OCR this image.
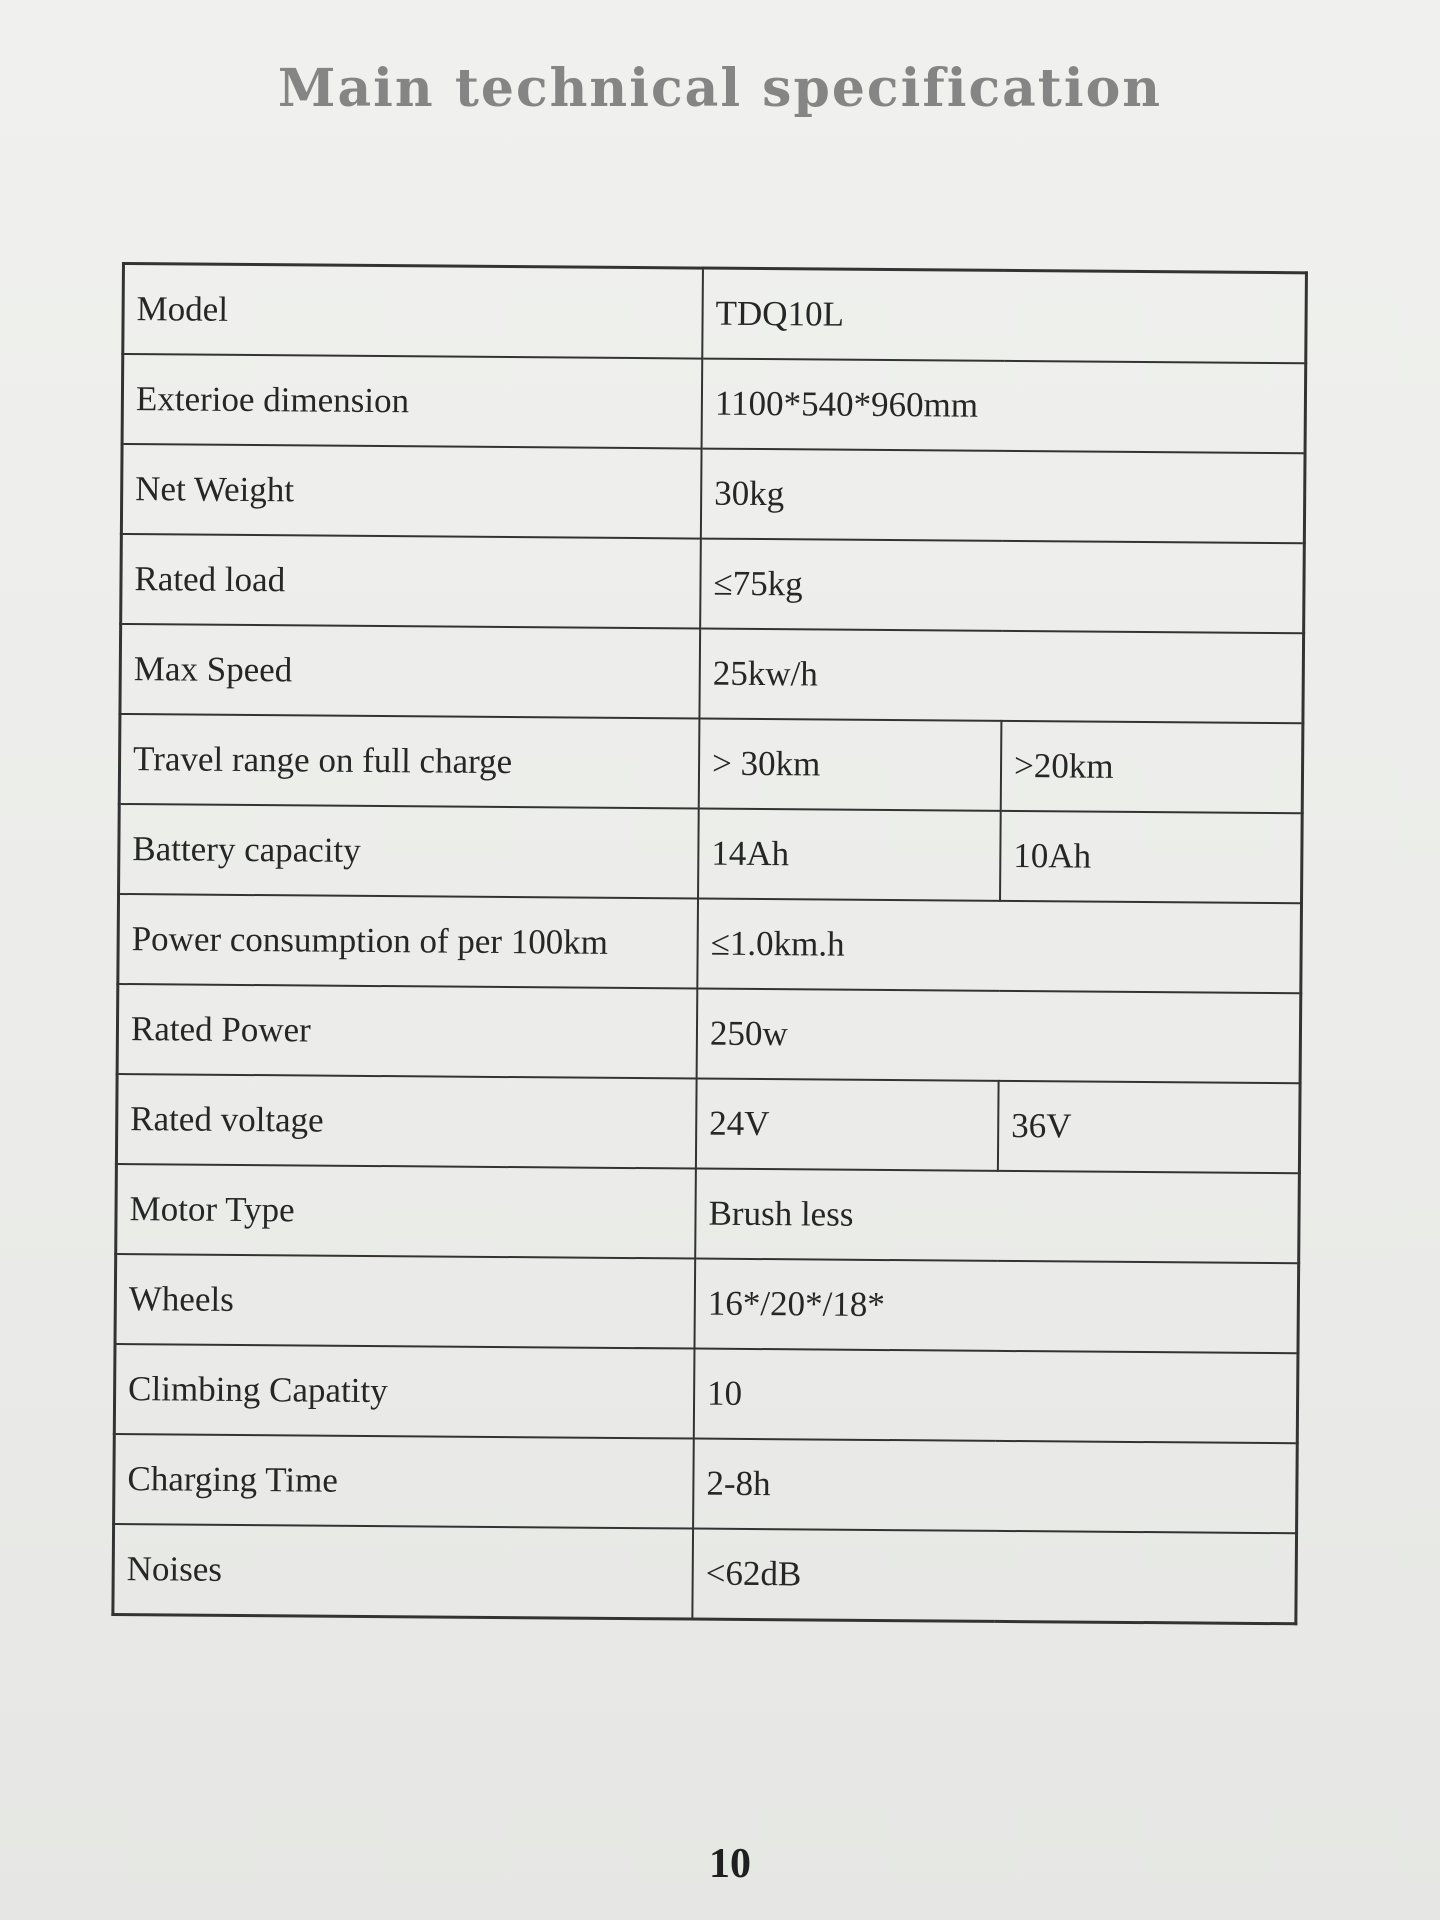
Main technical specification
Model	TDQ10L	
Exterioe dimension	1100*540*960mm	
Net Weight	30kg	
Rated load	≤75kg	
Max Speed	25kw/h	
Travel range on full charge	> 30km	>20km
Battery capacity	14Ah	10Ah
Power consumption of per 100km	≤1.0km.h	
Rated Power	250w	
Rated voltage	24V	36V
Motor Type	Brush less	
Wheels	16*/20*/18*	
Climbing Capatity	10	
Charging Time	2-8h	
Noises	<62dB	
10
